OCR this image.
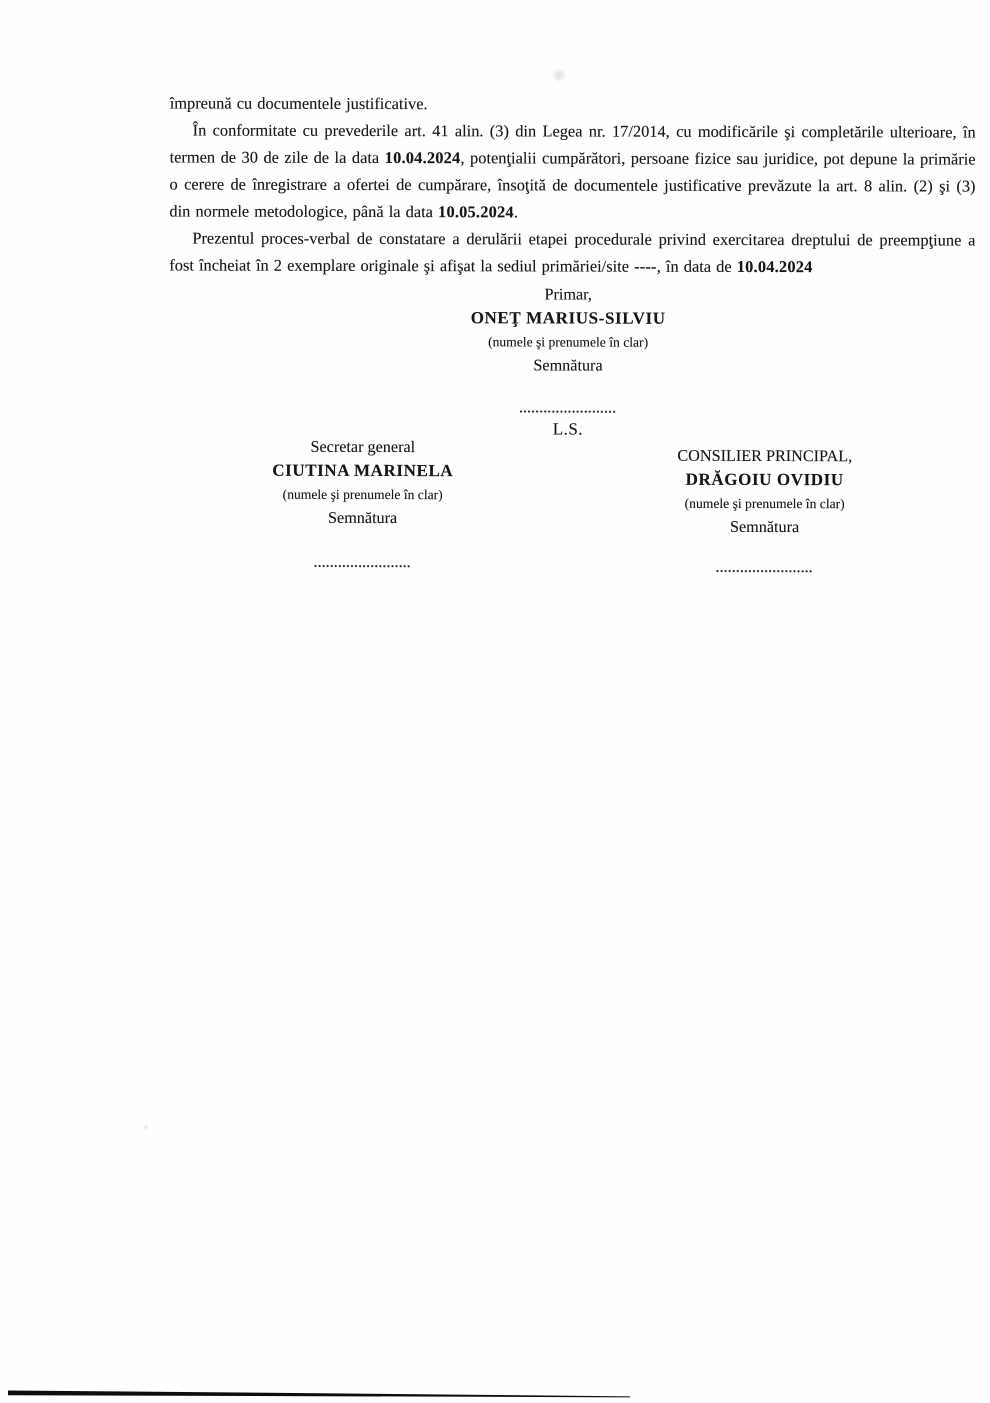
împreună cu documentele justificative.

În conformitate cu prevederile art. 41 alin. (3) din Legea nr. 17/2014, cu modificările şi completările ulterioare, în termen de 30 de zile de la data 10.04.2024, potenţialii cumpărători, persoane fizice sau juridice, pot depune la primărie o cerere de înregistrare a ofertei de cumpărare, însoţită de documentele justificative prevăzute la art. 8 alin. (2) şi (3) din normele metodologice, până la data 10.05.2024.

Prezentul proces-verbal de constatare a derulării etapei procedurale privind exercitarea dreptului de preempţiune a fost încheiat în 2 exemplare originale şi afişat la sediul primăriei/site ----, în data de 10.04.2024

Primar,
ONEŢ MARIUS-SILVIU
(numele şi prenumele în clar)
Semnătura
........................
L.S.
Secretar general
CIUTINA MARINELA
(numele şi prenumele în clar)
Semnătura
........................
CONSILIER PRINCIPAL,
DRĂGOIU OVIDIU
(numele şi prenumele în clar)
Semnătura
........................
